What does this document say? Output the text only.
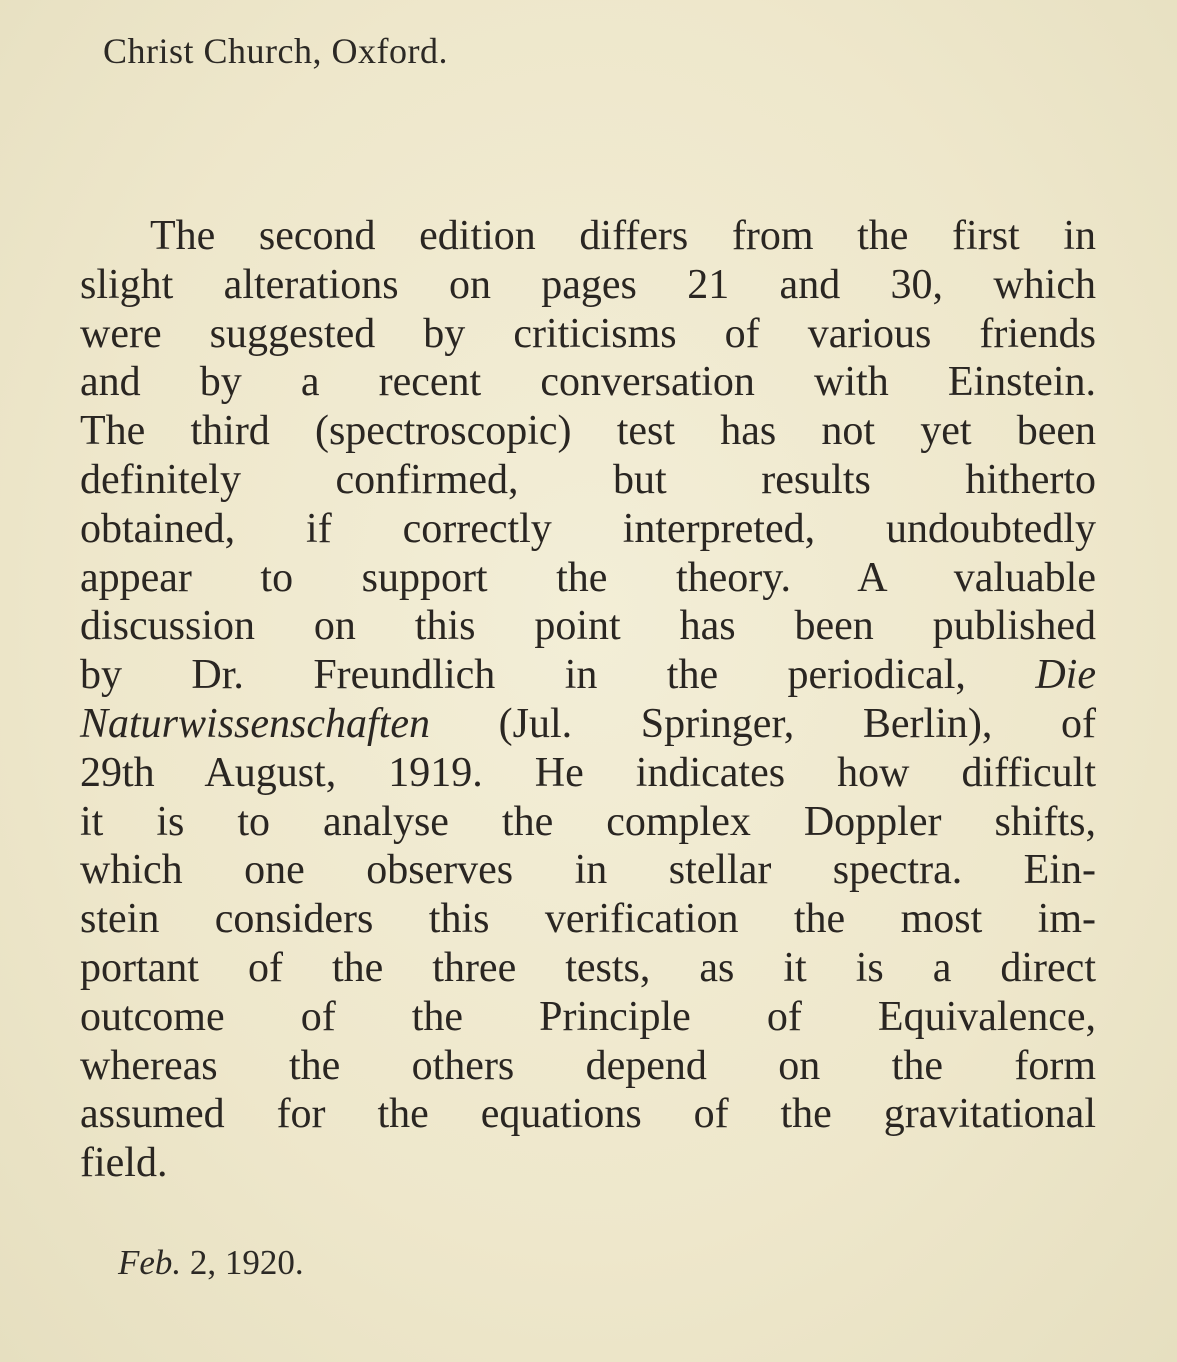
Christ Church, Oxford.
The second edition differs from the first in
slight alterations on pages 21 and 30, which
were suggested by criticisms of various friends
and by a recent conversation with Einstein.
The third (spectroscopic) test has not yet been
definitely confirmed, but results hitherto
obtained, if correctly interpreted, undoubtedly
appear to support the theory. A valuable
discussion on this point has been published
by Dr. Freundlich in the periodical, Die
Naturwissenschaften (Jul. Springer, Berlin), of
29th August, 1919. He indicates how difficult
it is to analyse the complex Doppler shifts,
which one observes in stellar spectra. Ein-
stein considers this verification the most im-
portant of the three tests, as it is a direct
outcome of the Principle of Equivalence,
whereas the others depend on the form
assumed for the equations of the gravitational
field.
Feb. 2, 1920.
